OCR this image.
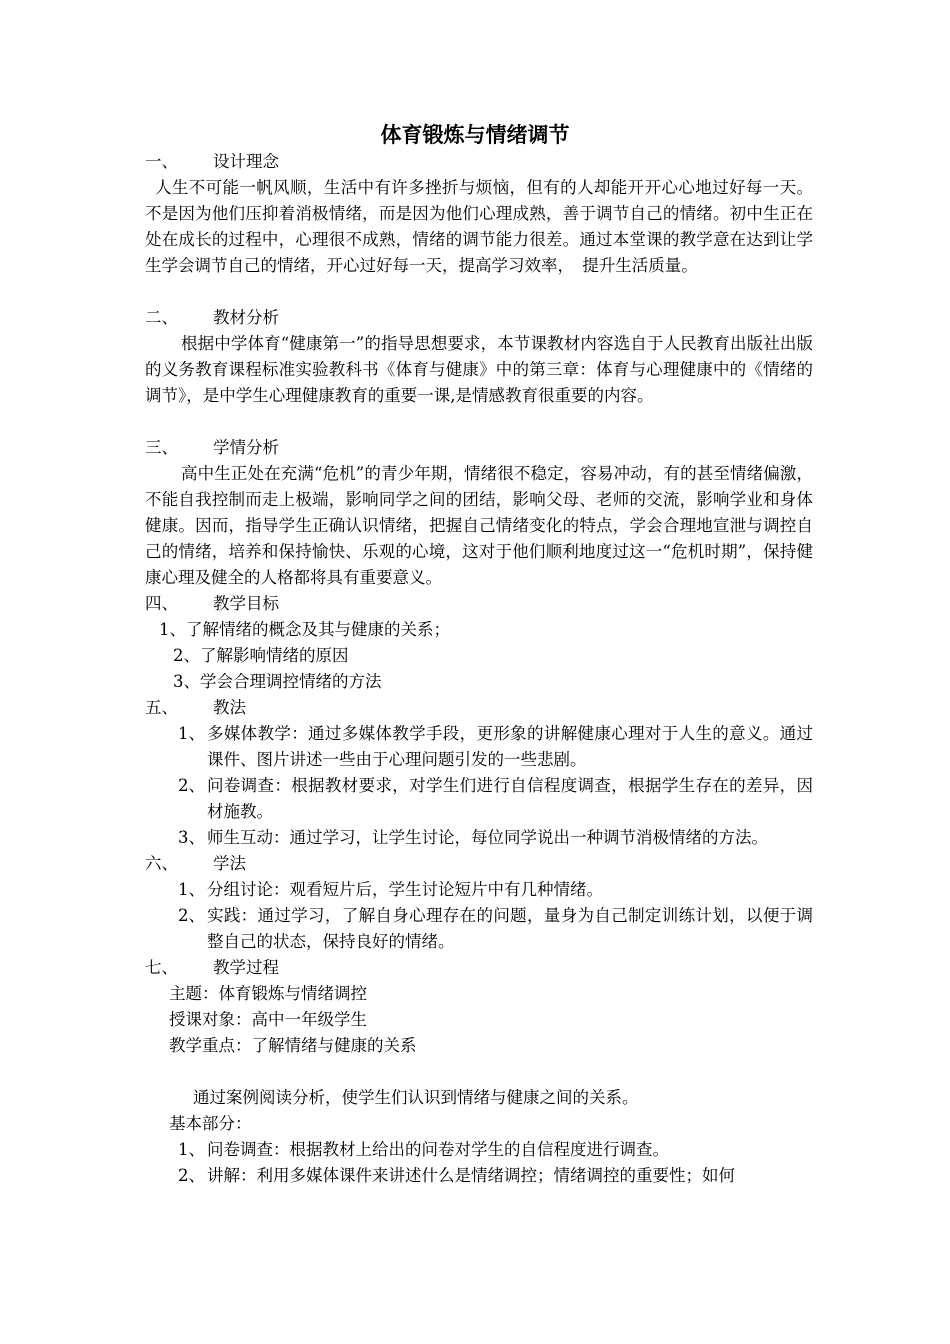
体育锻炼与情绪调节
一、	设计理念
人生不可能一帆风顺，生活中有许多挫折与烦恼，但有的人却能开开心心地过好每一天。不是因为他们压抑着消极情绪，而是因为他们心理成熟，善于调节自己的情绪。初中生正在处在成长的过程中，心理很不成熟，情绪的调节能力很差。通过本堂课的教学意在达到让学生学会调节自己的情绪，开心过好每一天，提高学习效率，　提升生活质量。
二、	教材分析
根据中学体育“健康第一”的指导思想要求，本节课教材内容选自于人民教育出版社出版的义务教育课程标准实验教科书《体育与健康》中的第三章：体育与心理健康中的《情绪的调节》，是中学生心理健康教育的重要一课,是情感教育很重要的内容。
三、	学情分析
高中生正处在充满“危机”的青少年期，情绪很不稳定，容易冲动，有的甚至情绪偏激，不能自我控制而走上极端，影响同学之间的团结，影响父母、老师的交流，影响学业和身体健康。因而，指导学生正确认识情绪，把握自己情绪变化的特点，学会合理地宣泄与调控自己的情绪，培养和保持愉快、乐观的心境，这对于他们顺利地度过这一“危机时期”，保持健康心理及健全的人格都将具有重要意义。
四、	教学目标
1、了解情绪的概念及其与健康的关系；
2、了解影响情绪的原因
3、学会合理调控情绪的方法
五、	教法
1、 多媒体教学：通过多媒体教学手段，更形象的讲解健康心理对于人生的意义。通过课件、图片讲述一些由于心理问题引发的一些悲剧。
2、 问卷调查：根据教材要求，对学生们进行自信程度调查，根据学生存在的差异，因材施教。
3、 师生互动：通过学习，让学生讨论，每位同学说出一种调节消极情绪的方法。
六、	学法
1、 分组讨论：观看短片后，学生讨论短片中有几种情绪。
2、 实践：通过学习，了解自身心理存在的问题，量身为自己制定训练计划，以便于调整自己的状态，保持良好的情绪。
七、	教学过程
主题：体育锻炼与情绪调控
授课对象：高中一年级学生
教学重点：了解情绪与健康的关系
通过案例阅读分析，使学生们认识到情绪与健康之间的关系。
基本部分：
1、 问卷调查：根据教材上给出的问卷对学生的自信程度进行调查。
2、 讲解：利用多媒体课件来讲述什么是情绪调控；情绪调控的重要性；如何
